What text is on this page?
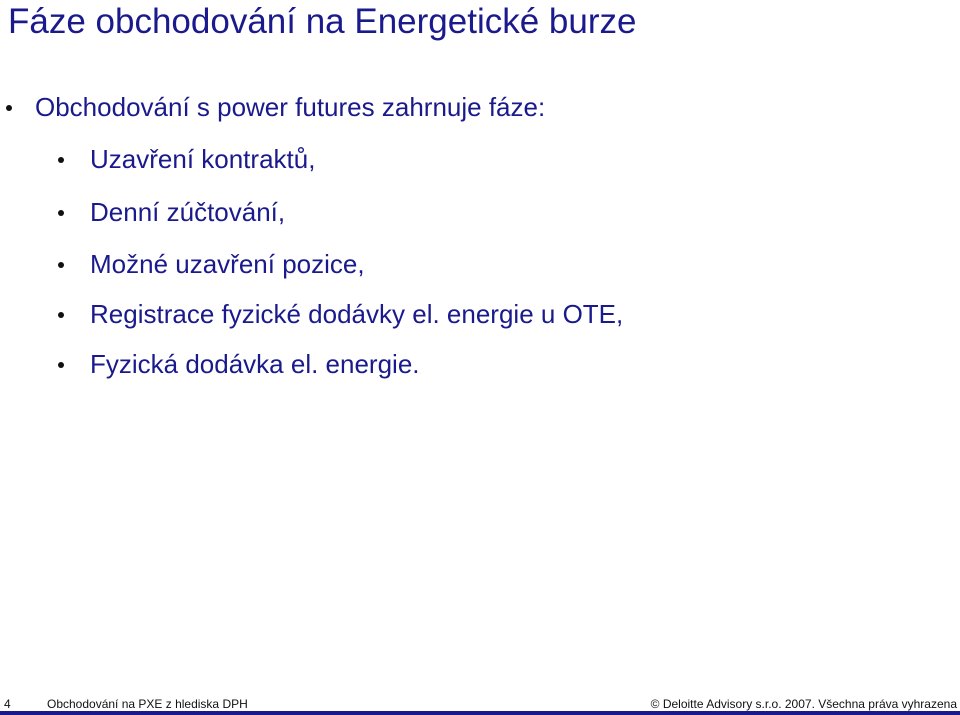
Fáze obchodování na Energetické burze
Obchodování s power futures zahrnuje fáze:
Uzavření kontraktů,
Denní zúčtování,
Možné uzavření pozice,
Registrace fyzické dodávky el. energie u OTE,
Fyzická dodávka el. energie.
4	Obchodování na PXE z hlediska DPH	© Deloitte Advisory s.r.o. 2007. Všechna práva vyhrazena
